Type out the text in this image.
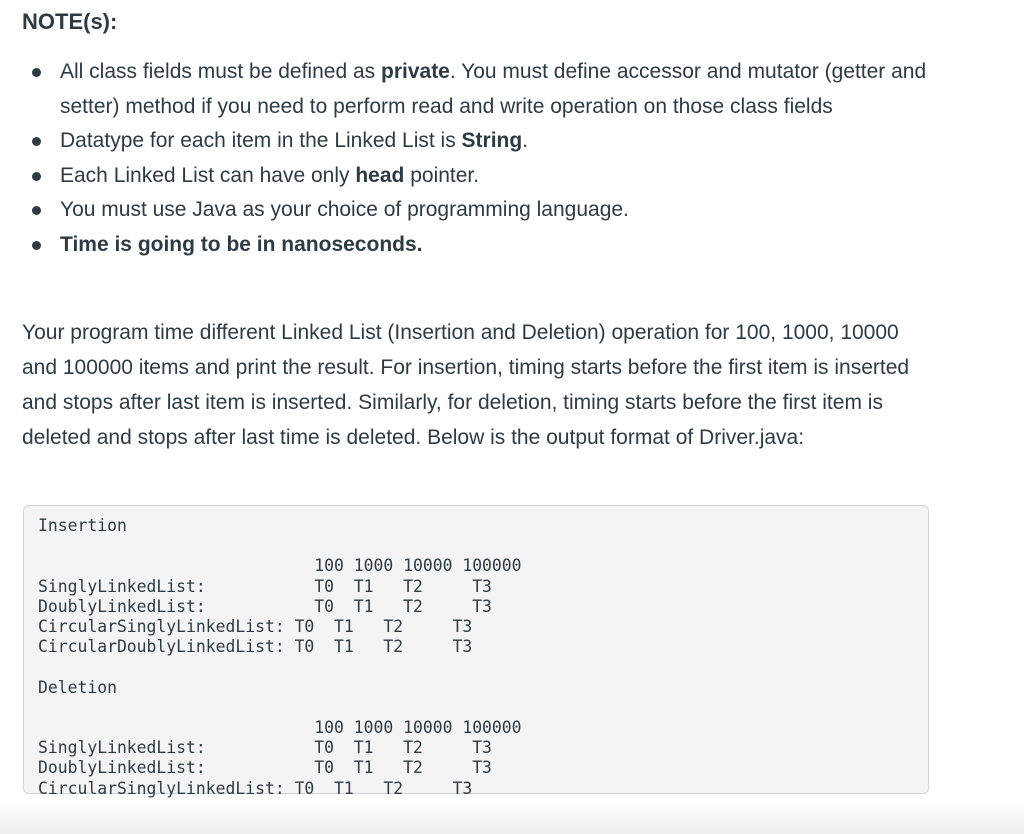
NOTE(s):
All class fields must be defined as private. You must define accessor and mutator (getter and setter) method if you need to perform read and write operation on those class fields
Datatype for each item in the Linked List is String.
Each Linked List can have only head pointer.
You must use Java as your choice of programming language.
Time is going to be in nanoseconds.

Your program time different Linked List (Insertion and Deletion) operation for 100, 1000, 10000 and 100000 items and print the result. For insertion, timing starts before the first item is inserted and stops after last item is inserted. Similarly, for deletion, timing starts before the first item is deleted and stops after last time is deleted. Below is the output format of Driver.java:

Insertion

100 1000 10000 100000
SinglyLinkedList:           T0  T1   T2     T3
DoublyLinkedList:           T0  T1   T2     T3
CircularSinglyLinkedList: T0  T1   T2     T3
CircularDoublyLinkedList: T0  T1   T2     T3

Deletion

100 1000 10000 100000
SinglyLinkedList:           T0  T1   T2     T3
DoublyLinkedList:           T0  T1   T2     T3
CircularSinglyLinkedList: T0  T1   T2     T3
